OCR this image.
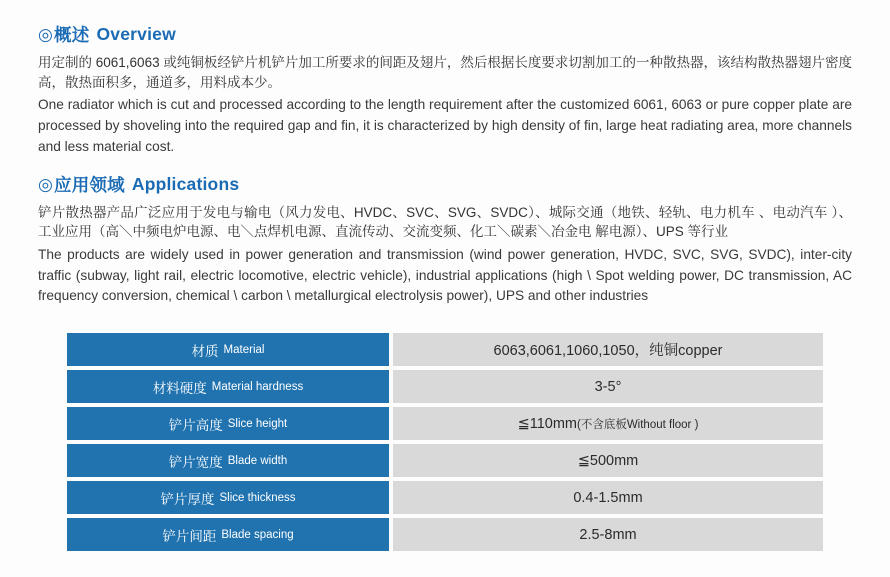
◎ 概述 Overview

用定制的 6061,6063 或纯铜板经铲片机铲片加工所要求的间距及翅片，然后根据长度要求切割加工的一种散热器，该结构散热器翅片密度高，散热面积多，通道多，用料成本少。

One radiator which is cut and processed according to the length requirement after the customized 6061, 6063 or pure copper plate are processed by shoveling into the required gap and fin, it is characterized by high density of fin, large heat radiating area, more channels and less material cost.

◎ 应用领域 Applications

铲片散热器产品广泛应用于发电与输电（风力发电、HVDC、SVC、SVG、SVDC）、城际交通（地铁、轻轨、电力机车 、电动汽车 ）、工业应用（高＼中频电炉电源、电＼点焊机电源、直流传动、交流变频、化工＼碳素＼冶金电 解电源）、UPS 等行业

The products are widely used in power generation and transmission (wind power generation, HVDC, SVC, SVG, SVDC), inter-city traffic (subway, light rail, electric locomotive, electric vehicle), industrial applications (high \ Spot welding power, DC transmission, AC frequency conversion, chemical \ carbon \ metallurgical electrolysis power), UPS and other industries

材质 Material	6063,6061,1060,1050，纯铜copper
材料硬度 Material hardness	3-5°
铲片高度 Slice height	≦110mm (不含底板Without floor )
铲片宽度 Blade width	≦500mm
铲片厚度 Slice thickness	0.4-1.5mm
铲片间距 Blade spacing	2.5-8mm
